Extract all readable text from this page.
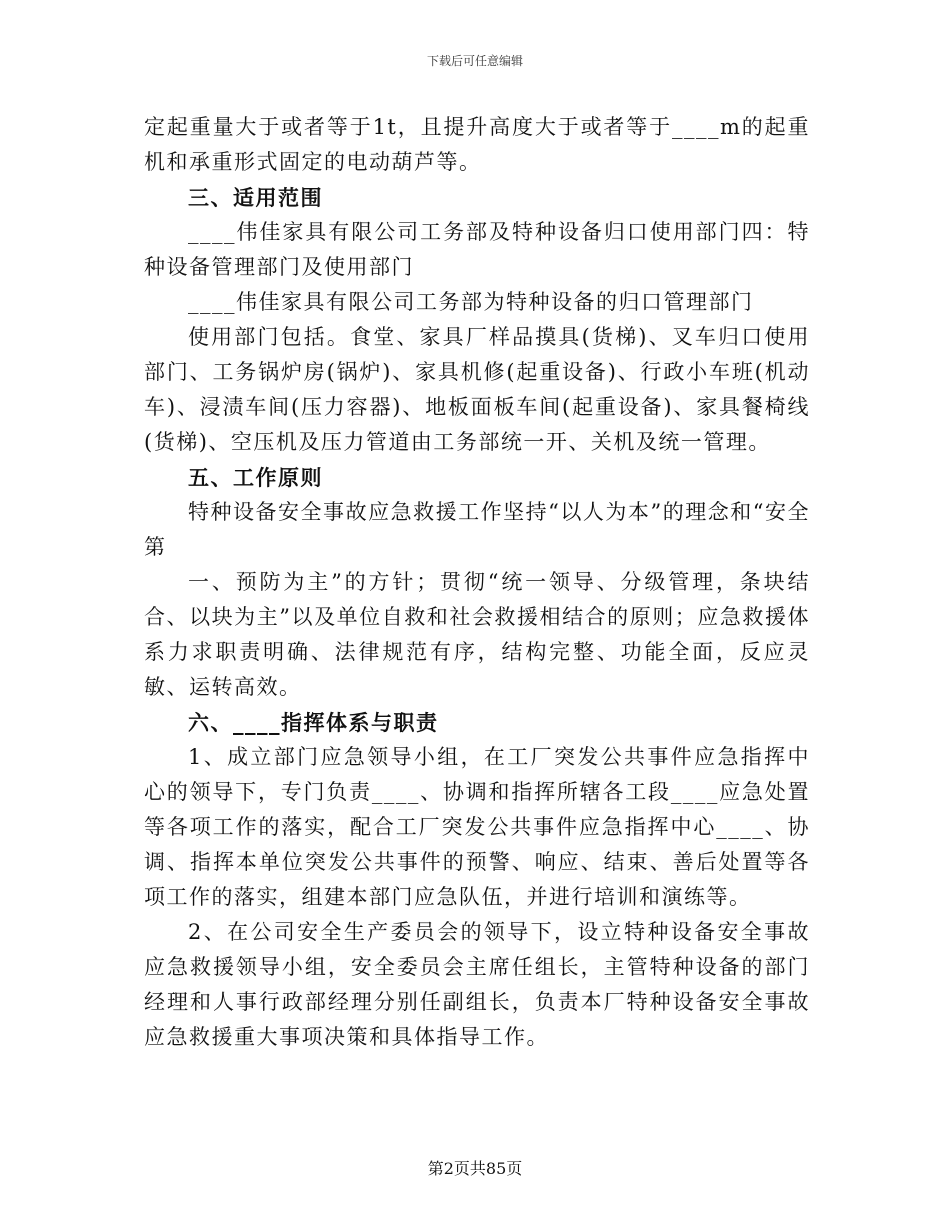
下载后可任意编辑

定起重量大于或者等于1t，且提升高度大于或者等于____m的起重机和承重形式固定的电动葫芦等。

三、适用范围

____伟佳家具有限公司工务部及特种设备归口使用部门四：特种设备管理部门及使用部门

____伟佳家具有限公司工务部为特种设备的归口管理部门

使用部门包括。食堂、家具厂样品摸具(货梯)、叉车归口使用部门、工务锅炉房(锅炉)、家具机修(起重设备)、行政小车班(机动车)、浸渍车间(压力容器)、地板面板车间(起重设备)、家具餐椅线(货梯)、空压机及压力管道由工务部统一开、关机及统一管理。

五、工作原则

特种设备安全事故应急救援工作坚持“以人为本”的理念和“安全第

一、预防为主”的方针；贯彻“统一领导、分级管理，条块结合、以块为主”以及单位自救和社会救援相结合的原则；应急救援体系力求职责明确、法律规范有序，结构完整、功能全面，反应灵敏、运转高效。

六、____指挥体系与职责

1、成立部门应急领导小组，在工厂突发公共事件应急指挥中心的领导下，专门负责____、协调和指挥所辖各工段____应急处置等各项工作的落实，配合工厂突发公共事件应急指挥中心____、协调、指挥本单位突发公共事件的预警、响应、结束、善后处置等各项工作的落实，组建本部门应急队伍，并进行培训和演练等。

2、在公司安全生产委员会的领导下，设立特种设备安全事故应急救援领导小组，安全委员会主席任组长，主管特种设备的部门经理和人事行政部经理分别任副组长，负责本厂特种设备安全事故应急救援重大事项决策和具体指导工作。

第2页共85页
